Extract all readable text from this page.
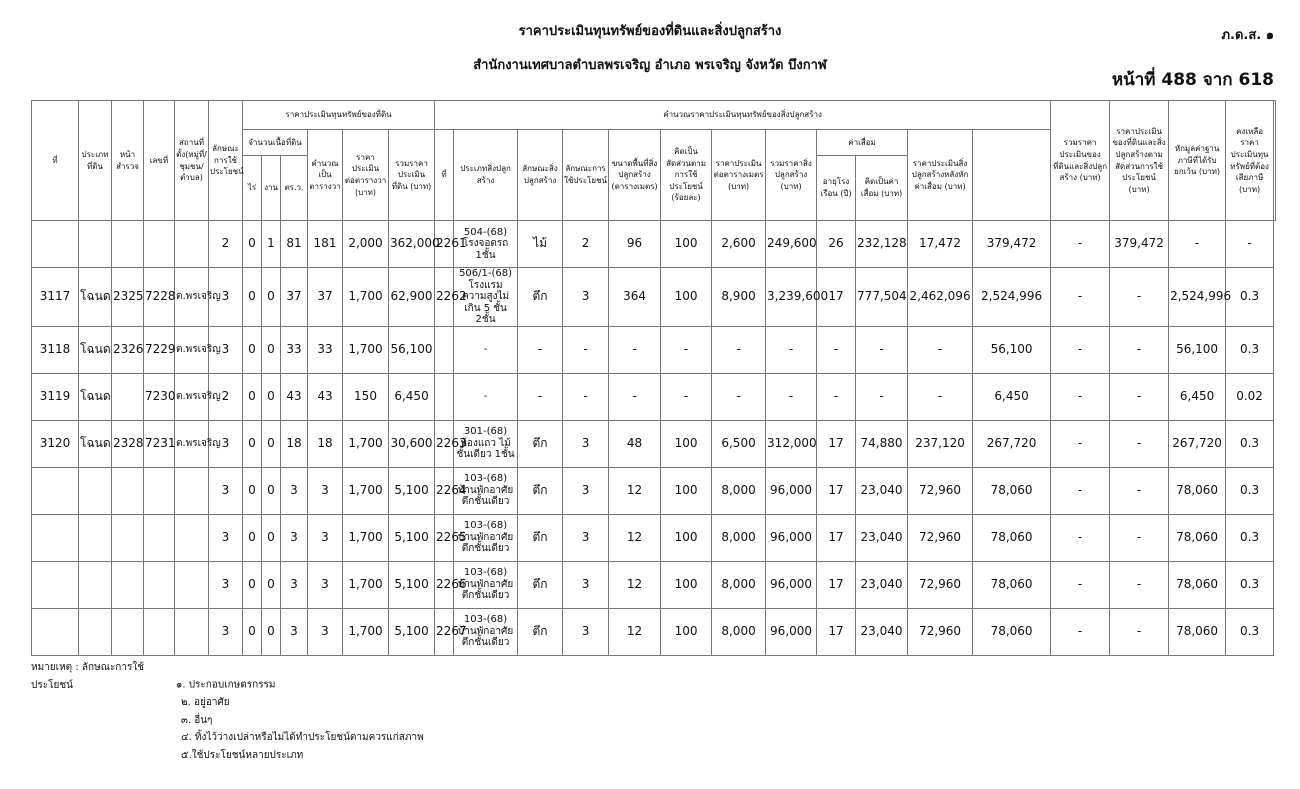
ราคาประเมินทุนทรัพย์ของที่ดินและสิ่งปลูกสร้าง	ภ.ด.ส. ๑
สำนักงานเทศบาลตำบลพรเจริญ อำเภอ พรเจริญ จังหวัด บึงกาฬ
หน้าที่ 488 จาก 618
ที่	ประเภทที่ดิน	หน้าสำรวจ	เลขที่	สถานที่ตั้ง(หมู่ที่/ชุมชน/ตำบล)	ลักษณะการใช้ประโยชน์	ราคาประเมินทุนทรัพย์ของที่ดิน						คำนวณราคาประเมินทุนทรัพย์ของสิ่งปลูกสร้าง												รวมราคาประเมินของที่ดินและสิ่งปลูกสร้าง (บาท)	ราคาประเมินของที่ดินและสิ่งปลูกสร้างตามสัดส่วนการใช้ประโยชน์ (บาท)	หักมูลค่าฐานภาษีที่ได้รับยกเว้น (บาท)	คงเหลือราคาประเมินทุนทรัพย์ที่ต้องเสียภาษี (บาท)	
						จำนวนเนื้อที่ดิน			คำนวณเป็นตารางวา	ราคาประเมินต่อตารางวา (บาท)	รวมราคาประเมินที่ดิน (บาท)	ที่	ประเภทสิ่งปลูกสร้าง	ลักษณะสิ่งปลูกสร้าง	ลักษณะการใช้ประโยชน์	ขนาดพื้นที่สิ่งปลูกสร้าง (ตารางเมตร)	คิดเป็นสัดส่วนตามการใช้ประโยชน์ (ร้อยละ)	ราคาประเมินต่อตารางเมตร (บาท)	รวมราคาสิ่งปลูกสร้าง (บาท)	ค่าเสื่อม		ราคาประเมินสิ่งปลูกสร้างหลังหักค่าเสื่อม (บาท)						
						ไร่	งาน	ตร.ว.												อายุโรงเรือน (ปี)	คิดเป็นค่าเสื่อม (บาท)							
					2	0	1	81	181	2,000	362,000	2261	504-(68) โรงจอดรถ 1ชั้น	ไม้	2	96	100	2,600	249,600	26	232,128	17,472	379,472	-	379,472	-	-	
3117	โฉนด	2325	7228	ต.พรเจริญ	3	0	0	37	37	1,700	62,900	2262	506/1-(68) โรงแรม ความสูงไม่เกิน 5 ชั้น 2ชั้น	ตึก	3	364	100	8,900	3,239,600	17	777,504	2,462,096	2,524,996	-	-	2,524,996	0.3	
3118	โฉนด	2326	7229	ต.พรเจริญ	3	0	0	33	33	1,700	56,100		-	-	-	-	-	-	-	-	-	-	56,100	-	-	56,100	0.3	
3119	โฉนด		7230	ต.พรเจริญ	2	0	0	43	43	150	6,450		-	-	-	-	-	-	-	-	-	-	6,450	-	-	6,450	0.02	
3120	โฉนด	2328	7231	ต.พรเจริญ	3	0	0	18	18	1,700	30,600	2263	301-(68) ห้องแถว ไม้ชั้นเดียว 1ชั้น	ตึก	3	48	100	6,500	312,000	17	74,880	237,120	267,720	-	-	267,720	0.3	
					3	0	0	3	3	1,700	5,100	2264	103-(68) บ้านพักอาศัยตึกชั้นเดียว	ตึก	3	12	100	8,000	96,000	17	23,040	72,960	78,060	-	-	78,060	0.3	
					3	0	0	3	3	1,700	5,100	2265	103-(68) บ้านพักอาศัยตึกชั้นเดียว	ตึก	3	12	100	8,000	96,000	17	23,040	72,960	78,060	-	-	78,060	0.3	
					3	0	0	3	3	1,700	5,100	2266	103-(68) บ้านพักอาศัยตึกชั้นเดียว	ตึก	3	12	100	8,000	96,000	17	23,040	72,960	78,060	-	-	78,060	0.3	
					3	0	0	3	3	1,700	5,100	2267	103-(68) บ้านพักอาศัยตึกชั้นเดียว	ตึก	3	12	100	8,000	96,000	17	23,040	72,960	78,060	-	-	78,060	0.3	
หมายเหตุ : ลักษณะการใช้ประโยชน์	๑. ประกอบเกษตรกรรม
๒. อยู่อาศัย
๓. อื่นๆ
๔. ทิ้งไว้ว่างเปล่าหรือไม่ได้ทำประโยชน์ตามควรแก่สภาพ
๕.ใช้ประโยชน์หลายประเภท
